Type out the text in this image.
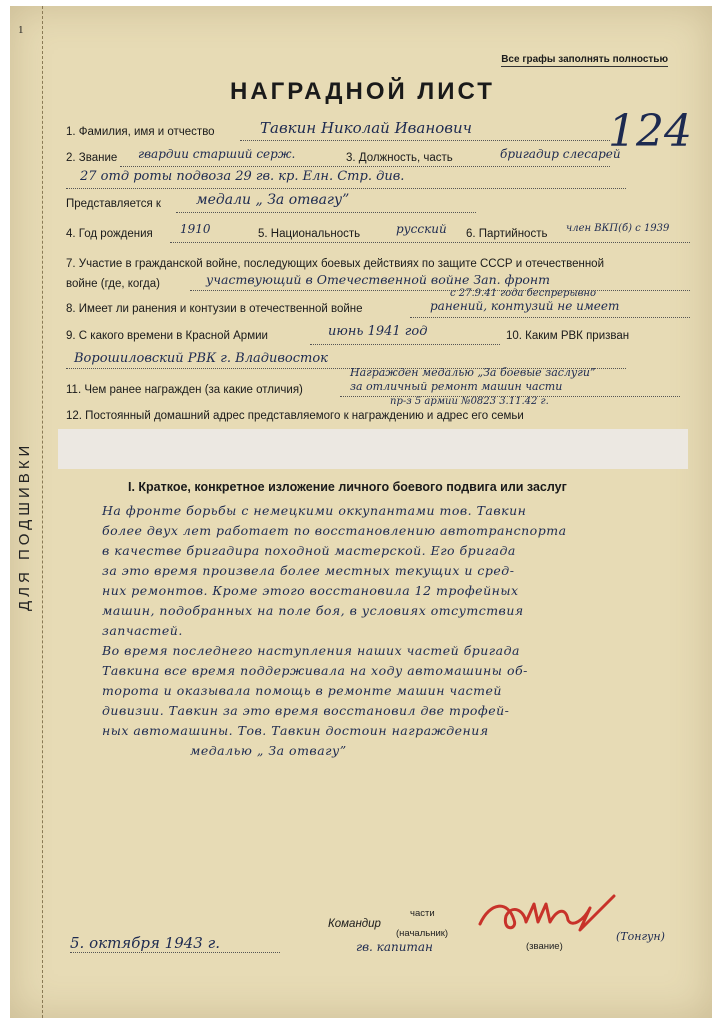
1
Все графы заполнять полностью
НАГРАДНОЙ ЛИСТ
124
ДЛЯ ПОДШИВКИ
1. Фамилия, имя и отчество	Тавкин Николай Иванович
2. Звание гвардии старший серж.	3. Должность, часть	бригадир слесарей
27 отд роты подвоза 29 гв. кр. Елн. Стр. див.
Представляется к	медали „ За отвагу”
4. Год рождения 1910	5. Национальность	русский 6. Партийность член ВКП(б) с 1939
7. Участие в гражданской войне, последующих боевых действиях по защите СССР и отечественной
войне (где, когда)	участвующий в Отечественной войне Зап. фронт
с 27.9.41 года беспрерывно
8. Имеет ли ранения и контузии в отечественной войне	ранений, контузий не имеет
9. С какого времени в Красной Армии	июнь 1941 год	10. Каким РВК призван
Ворошиловский РВК г. Владивосток
Награжден медалью „За боевые заслуги”
11. Чем ранее награжден (за какие отличия)	за отличный ремонт машин части
пр-з 5 армии №0823 3.11.42 г.
12. Постоянный домашний адрес представляемого к награждению и адрес его семьи
I. Краткое, конкретное изложение личного боевого подвига или заслуг
На фронте борьбы с немецкими оккупантами тов. Тавкин
более двух лет работает по восстановлению автотранспорта
в качестве бригадира походной мастерской. Его бригада
за это время произвела более местных текущих и сред-
них ремонтов. Кроме этого восстановила 12 трофейных
машин, подобранных на поле боя, в условиях отсутствия
запчастей.
Во время последнего наступления наших частей бригада
Тавкина все время поддерживала на ходу автомашины об-
торота и оказывала помощь в ремонте машин частей
дивизии. Тавкин за это время восстановил две трофей-
ных автомашины. Тов. Тавкин достоин награждения
медалью „ За отвагу”
5. октября 1943 г.
части
Командир
(начальник)
гв. капитан	(звание)
(Тонгун)
